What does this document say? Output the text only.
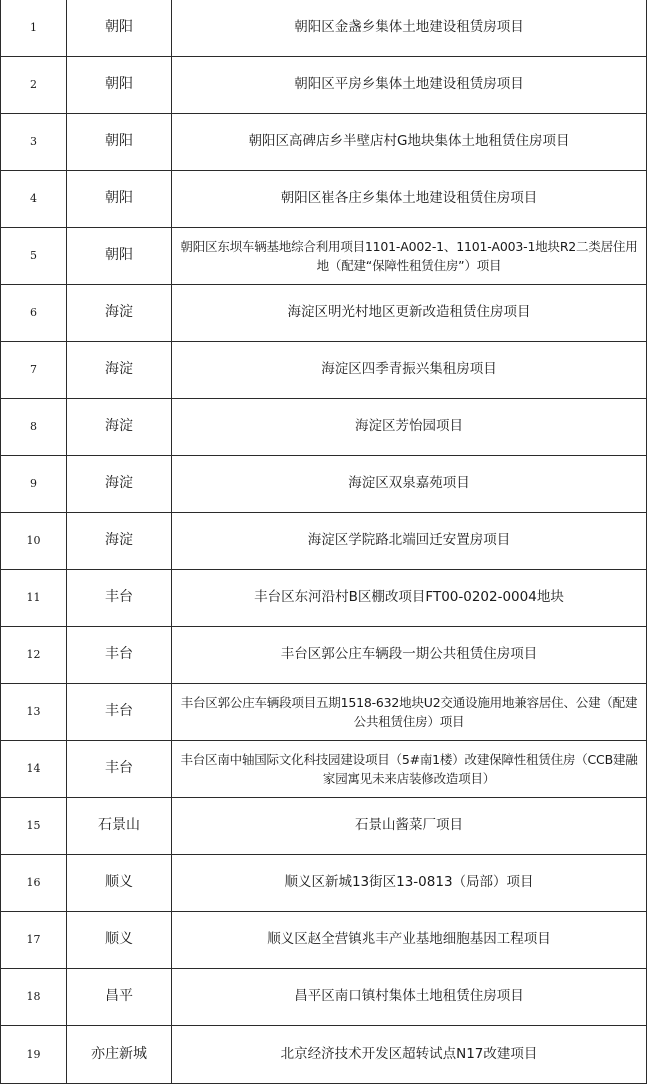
1	朝阳	朝阳区金盏乡集体土地建设租赁房项目
2	朝阳	朝阳区平房乡集体土地建设租赁房项目
3	朝阳	朝阳区高碑店乡半壁店村G地块集体土地租赁住房项目
4	朝阳	朝阳区崔各庄乡集体土地建设租赁住房项目
5	朝阳	朝阳区东坝车辆基地综合利用项目1101-A002-1、1101-A003-1地块R2二类居住用地（配建“保障性租赁住房”）项目
6	海淀	海淀区明光村地区更新改造租赁住房项目
7	海淀	海淀区四季青振兴集租房项目
8	海淀	海淀区芳怡园项目
9	海淀	海淀区双泉嘉苑项目
10	海淀	海淀区学院路北端回迁安置房项目
11	丰台	丰台区东河沿村B区棚改项目FT00-0202-0004地块
12	丰台	丰台区郭公庄车辆段一期公共租赁住房项目
13	丰台	丰台区郭公庄车辆段项目五期1518-632地块U2交通设施用地兼容居住、公建（配建公共租赁住房）项目
14	丰台	丰台区南中轴国际文化科技园建设项目（5#南1楼）改建保障性租赁住房（CCB建融家园寓见未来店装修改造项目）
15	石景山	石景山酱菜厂项目
16	顺义	顺义区新城13街区13-0813（局部）项目
17	顺义	顺义区赵全营镇兆丰产业基地细胞基因工程项目
18	昌平	昌平区南口镇村集体土地租赁住房项目
19	亦庄新城	北京经济技术开发区超转试点N17改建项目
